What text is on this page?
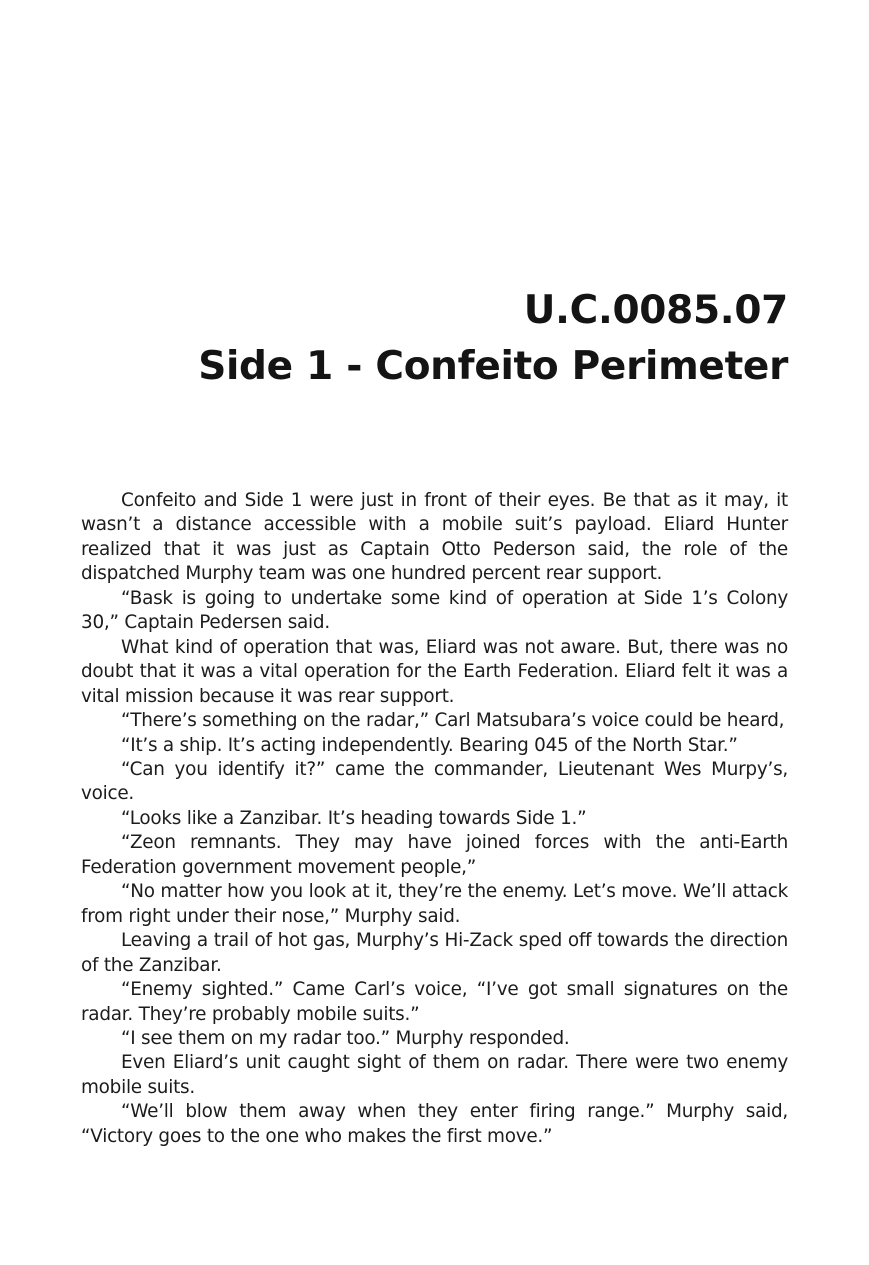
U.C.0085.07
Side 1 - Confeito Perimeter

Confeito and Side 1 were just in front of their eyes. Be that as it may, it wasn’t a distance accessible with a mobile suit’s payload. Eliard Hunter realized that it was just as Captain Otto Pederson said, the role of the dispatched Murphy team was one hundred percent rear support.

“Bask is going to undertake some kind of operation at Side 1’s Colony 30,” Captain Pedersen said.

What kind of operation that was, Eliard was not aware. But, there was no doubt that it was a vital operation for the Earth Federation. Eliard felt it was a vital mission because it was rear support.

“There’s something on the radar,” Carl Matsubara’s voice could be heard,

“It’s a ship. It’s acting independently. Bearing 045 of the North Star.”

“Can you identify it?” came the commander, Lieutenant Wes Murpy’s, voice.

“Looks like a Zanzibar. It’s heading towards Side 1.”

“Zeon remnants. They may have joined forces with the anti-Earth Federation government movement people,”

“No matter how you look at it, they’re the enemy. Let’s move. We’ll attack from right under their nose,” Murphy said.

Leaving a trail of hot gas, Murphy’s Hi-Zack sped off towards the direction of the Zanzibar.

“Enemy sighted.” Came Carl’s voice, “I’ve got small signatures on the radar. They’re probably mobile suits.”

“I see them on my radar too.” Murphy responded.

Even Eliard’s unit caught sight of them on radar. There were two enemy mobile suits.

“We’ll blow them away when they enter firing range.” Murphy said, “Victory goes to the one who makes the first move.”
